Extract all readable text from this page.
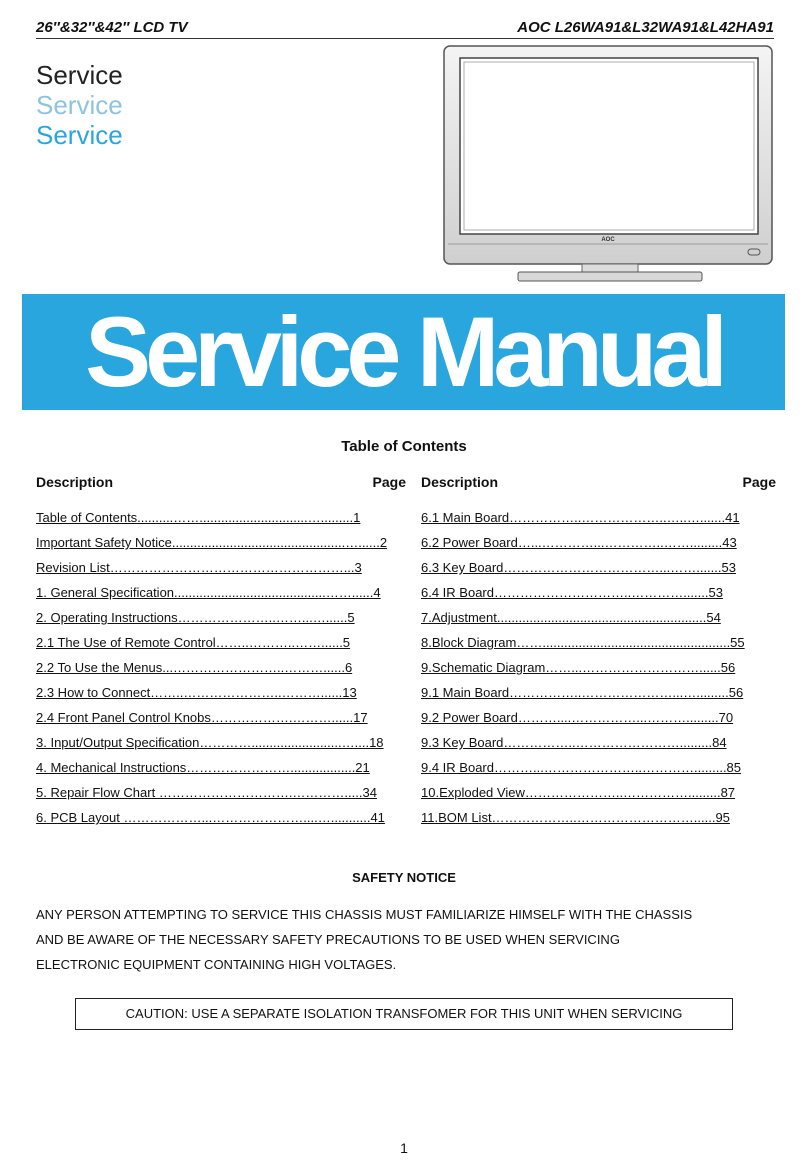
26″&32″&42″ LCD TV	AOC L26WA91&L32WA91&L42HA91
Service
Service
Service
AOC
Service Manual
Table of Contents
Description	Page
Table of Contents..........……..............................….........1
Important Safety Notice................................................…......2
Revision List………………………………………………...3
1. General Specification..........................................……......4
2. Operating Instructions…………………..……...…......5
2.1 The Use of Remote Control……..………..……......5
2.2 To Use the Menus...……………………..………......6
2.3 How to Connect……..…………………..………......13
2.4 Front Panel Control Knobs……………….………......17
3. Input/Output Specification………….........................…....18
4. Mechanical Instructions……………………..................21
5. Repair Flow Chart ………………………….………….....34
6. PCB Layout ………………...…………………....…...........41
Description	Page
6.1 Main Board……………..………………..…..….......41
6.2 Power Board…...…………...…………..…….........43
6.3 Key Board………………………………...…….......53
6.4 IR Board…………………………..………….......53
7.Adjustment..........................................................54
8.Block Diagram……....................................................55
9.Schematic Diagram……...………………………......56
9.1 Main Board……………..…………………...….........56
9.2 Power Board………....……………...……….........70
9.3 Key Board……………..…………………….........84
9.4 IR Board………...…………………..………….........85
10.Exploded View…………………..…………….........87
11.BOM List………………..………………………......95
SAFETY NOTICE
ANY PERSON ATTEMPTING TO SERVICE THIS CHASSIS MUST FAMILIARIZE HIMSELF WITH THE CHASSIS
AND BE AWARE OF THE NECESSARY SAFETY PRECAUTIONS TO BE USED WHEN SERVICING
ELECTRONIC EQUIPMENT CONTAINING HIGH VOLTAGES.
CAUTION: USE A SEPARATE ISOLATION TRANSFOMER FOR THIS UNIT WHEN SERVICING
1
